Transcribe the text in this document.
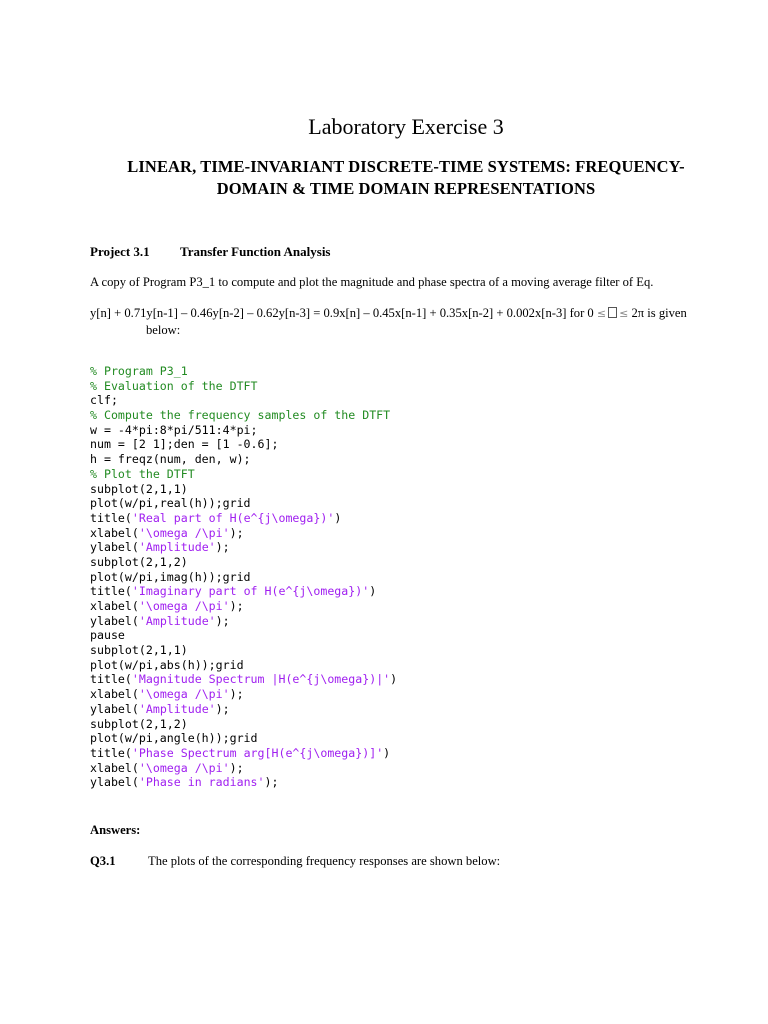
Laboratory Exercise 3
LINEAR, TIME-INVARIANT DISCRETE-TIME SYSTEMS: FREQUENCY-
DOMAIN & TIME DOMAIN REPRESENTATIONS
Project 3.1 Transfer Function Analysis
A copy of Program P3_1 to compute and plot the magnitude and phase spectra of a moving average filter of Eq.
y[n] + 0.71y[n-1] – 0.46y[n-2] – 0.62y[n-3] = 0.9x[n] – 0.45x[n-1] + 0.35x[n-2] + 0.002x[n-3] for 0 ≤ ≤ 2π is given
below:
% Program P3_1
% Evaluation of the DTFT
clf;
% Compute the frequency samples of the DTFT
w = -4*pi:8*pi/511:4*pi;
num = [2 1];den = [1 -0.6];
h = freqz(num, den, w);
% Plot the DTFT
subplot(2,1,1)
plot(w/pi,real(h));grid
title('Real part of H(e^{j\omega})')
xlabel('\omega /\pi');
ylabel('Amplitude');
subplot(2,1,2)
plot(w/pi,imag(h));grid
title('Imaginary part of H(e^{j\omega})')
xlabel('\omega /\pi');
ylabel('Amplitude');
pause
subplot(2,1,1)
plot(w/pi,abs(h));grid
title('Magnitude Spectrum |H(e^{j\omega})|')
xlabel('\omega /\pi');
ylabel('Amplitude');
subplot(2,1,2)
plot(w/pi,angle(h));grid
title('Phase Spectrum arg[H(e^{j\omega})]')
xlabel('\omega /\pi');
ylabel('Phase in radians');
Answers:
Q3.1	The plots of the corresponding frequency responses are shown below:
